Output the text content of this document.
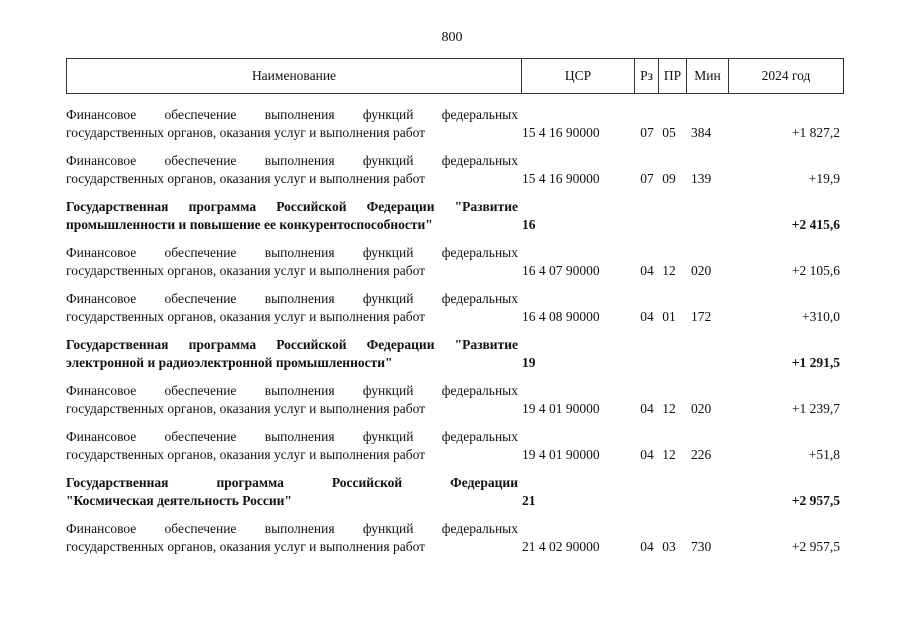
800
Наименование	ЦСР	Рз ПР Мин	2024 год
Финансовое обеспечение выполнения функций федеральных
государственных органов, оказания услуг и выполнения работ	15 4 16 90000	07 05 384	+1 827,2
Финансовое обеспечение выполнения функций федеральных
государственных органов, оказания услуг и выполнения работ	15 4 16 90000	07 09 139	+19,9
Государственная программа Российской Федерации "Развитие
промышленности и повышение ее конкурентоспособности"	16	+2 415,6
Финансовое обеспечение выполнения функций федеральных
государственных органов, оказания услуг и выполнения работ	16 4 07 90000	04 12 020	+2 105,6
Финансовое обеспечение выполнения функций федеральных
государственных органов, оказания услуг и выполнения работ	16 4 08 90000	04 01 172	+310,0
Государственная программа Российской Федерации "Развитие
электронной и радиоэлектронной промышленности"	19	+1 291,5
Финансовое обеспечение выполнения функций федеральных
государственных органов, оказания услуг и выполнения работ	19 4 01 90000	04 12 020	+1 239,7
Финансовое обеспечение выполнения функций федеральных
государственных органов, оказания услуг и выполнения работ	19 4 01 90000	04 12 226	+51,8
Государственная программа Российской Федерации
"Космическая деятельность России"	21	+2 957,5
Финансовое обеспечение выполнения функций федеральных
государственных органов, оказания услуг и выполнения работ	21 4 02 90000	04 03 730	+2 957,5
